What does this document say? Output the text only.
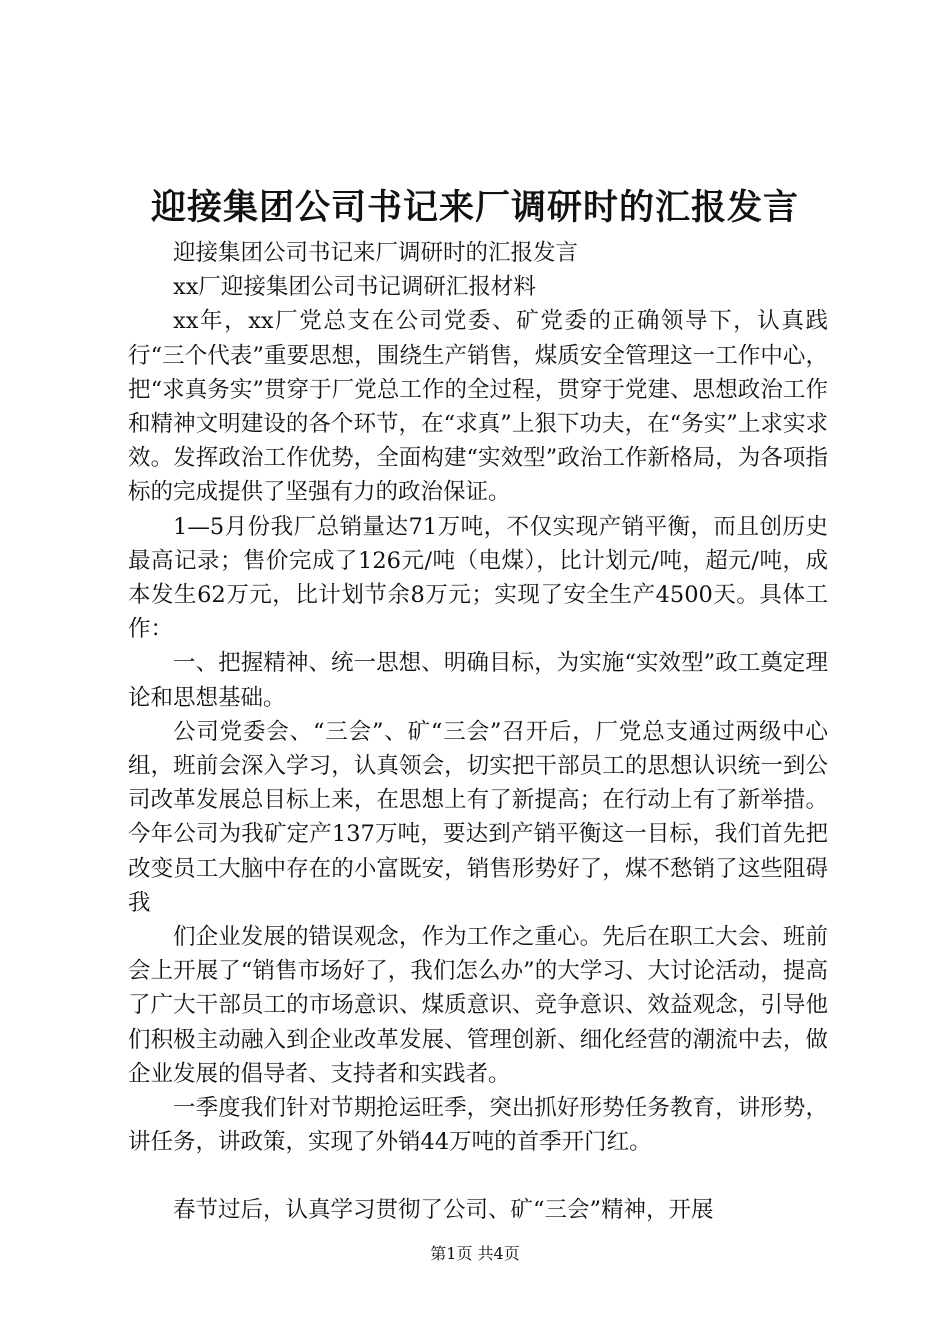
迎接集团公司书记来厂调研时的汇报发言

迎接集团公司书记来厂调研时的汇报发言

xx厂迎接集团公司书记调研汇报材料

xx年，xx厂党总支在公司党委、矿党委的正确领导下，认真践行“三个代表”重要思想，围绕生产销售，煤质安全管理这一工作中心，把“求真务实”贯穿于厂党总工作的全过程，贯穿于党建、思想政治工作和精神文明建设的各个环节，在“求真”上狠下功夫，在“务实”上求实求效。发挥政治工作优势，全面构建“实效型”政治工作新格局，为各项指标的完成提供了坚强有力的政治保证。

1—5月份我厂总销量达71万吨，不仅实现产销平衡，而且创历史最高记录；售价完成了126元/吨（电煤），比计划元/吨，超元/吨，成本发生62万元，比计划节余8万元；实现了安全生产4500天。具体工作：

一、把握精神、统一思想、明确目标，为实施“实效型”政工奠定理论和思想基础。

公司党委会、“三会”、矿“三会”召开后，厂党总支通过两级中心组，班前会深入学习，认真领会，切实把干部员工的思想认识统一到公司改革发展总目标上来，在思想上有了新提高；在行动上有了新举措。今年公司为我矿定产137万吨，要达到产销平衡这一目标，我们首先把改变员工大脑中存在的小富既安，销售形势好了，煤不愁销了这些阻碍我

们企业发展的错误观念，作为工作之重心。先后在职工大会、班前会上开展了“销售市场好了，我们怎么办”的大学习、大讨论活动，提高了广大干部员工的市场意识、煤质意识、竞争意识、效益观念，引导他们积极主动融入到企业改革发展、管理创新、细化经营的潮流中去，做企业发展的倡导者、支持者和实践者。

一季度我们针对节期抢运旺季，突出抓好形势任务教育，讲形势，讲任务，讲政策，实现了外销44万吨的首季开门红。

春节过后，认真学习贯彻了公司、矿“三会”精神，开展

第1页 共4页
